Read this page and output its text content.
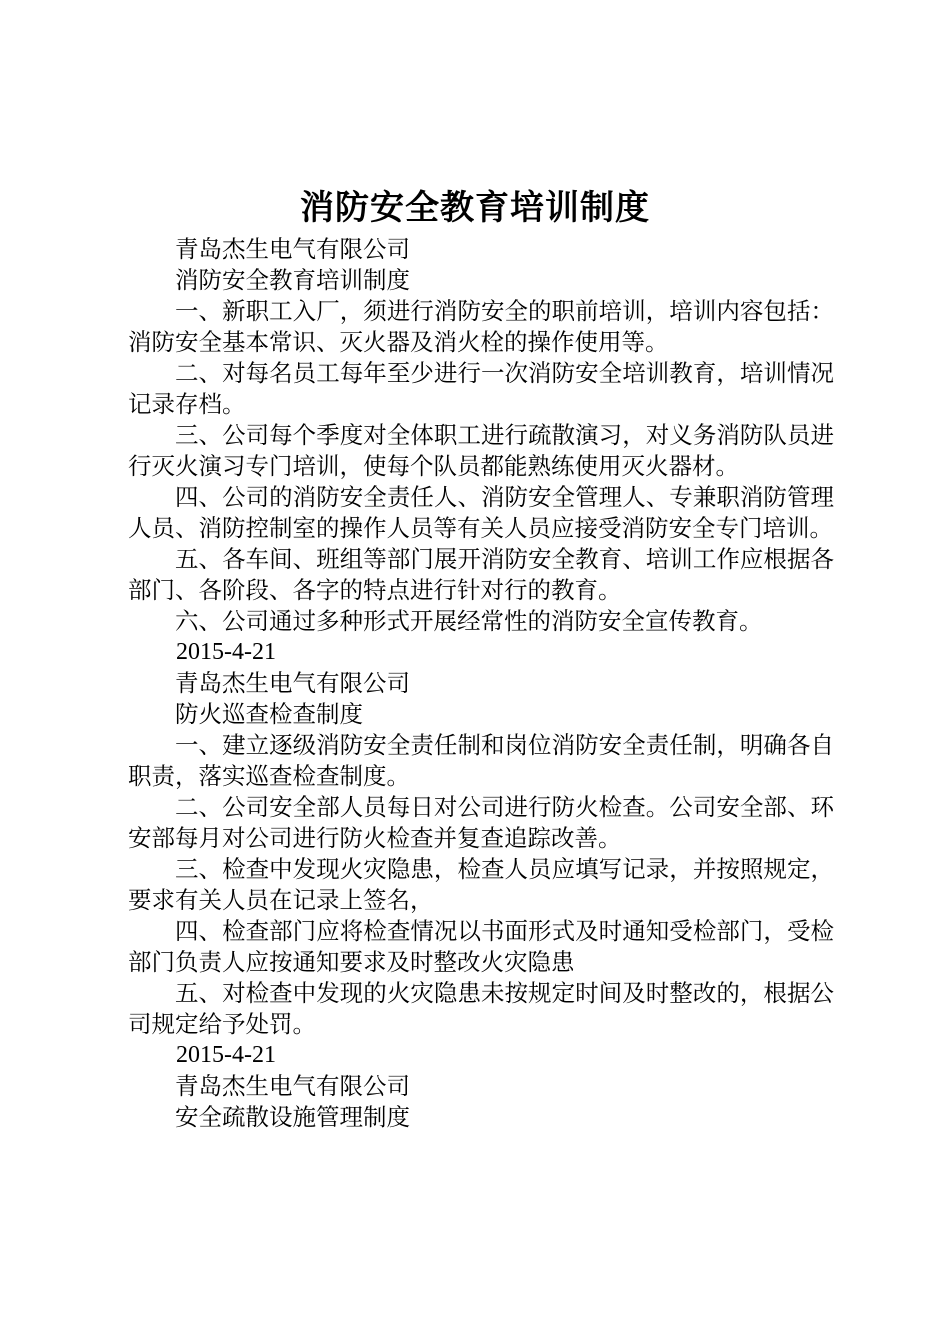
消防安全教育培训制度

青岛杰生电气有限公司

消防安全教育培训制度

一、新职工入厂，须进行消防安全的职前培训，培训内容包括：消防安全基本常识、灭火器及消火栓的操作使用等。

二、对每名员工每年至少进行一次消防安全培训教育，培训情况记录存档。

三、公司每个季度对全体职工进行疏散演习，对义务消防队员进行灭火演习专门培训，使每个队员都能熟练使用灭火器材。

四、公司的消防安全责任人、消防安全管理人、专兼职消防管理人员、消防控制室的操作人员等有关人员应接受消防安全专门培训。

五、各车间、班组等部门展开消防安全教育、培训工作应根据各部门、各阶段、各字的特点进行针对行的教育。

六、公司通过多种形式开展经常性的消防安全宣传教育。

2015-4-21

青岛杰生电气有限公司

防火巡查检查制度

一、建立逐级消防安全责任制和岗位消防安全责任制，明确各自职责，落实巡查检查制度。

二、公司安全部人员每日对公司进行防火检查。公司安全部、环安部每月对公司进行防火检查并复查追踪改善。

三、检查中发现火灾隐患，检查人员应填写记录，并按照规定，要求有关人员在记录上签名，

四、检查部门应将检查情况以书面形式及时通知受检部门，受检部门负责人应按通知要求及时整改火灾隐患

五、对检查中发现的火灾隐患未按规定时间及时整改的，根据公司规定给予处罚。

2015-4-21

青岛杰生电气有限公司

安全疏散设施管理制度
